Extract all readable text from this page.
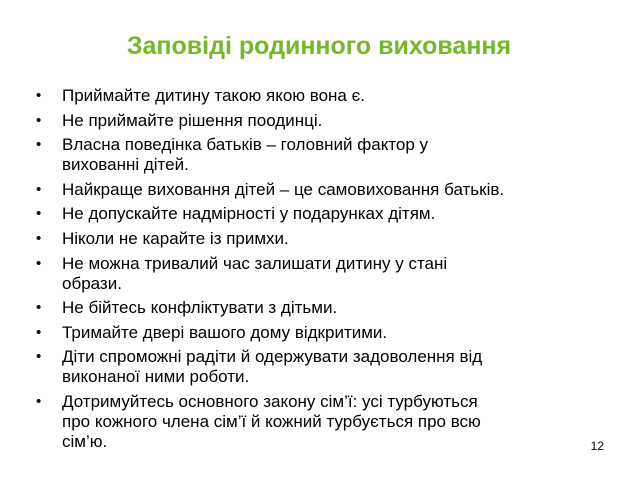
Заповіді родинного виховання
•	Приймайте дитину такою якою вона є.
•	Не приймайте рішення поодинці.
•	Власна поведінка батьків – головний фактор у
вихованні дітей.
•	Найкраще виховання дітей – це самовиховання батьків.
•	Не допускайте надмірності у подарунках дітям.
•	Ніколи не карайте із примхи.
•	Не можна тривалий час залишати дитину у стані
образи.
•	Не бійтесь конфліктувати з дітьми.
•	Тримайте двері вашого дому відкритими.
•	Діти спроможні радіти й одержувати задоволення від
виконаної ними роботи.
•	Дотримуйтесь основного закону сім’ї: усі турбуються
про кожного члена сім’ї й кожний турбується про всю
сім’ю.	12
